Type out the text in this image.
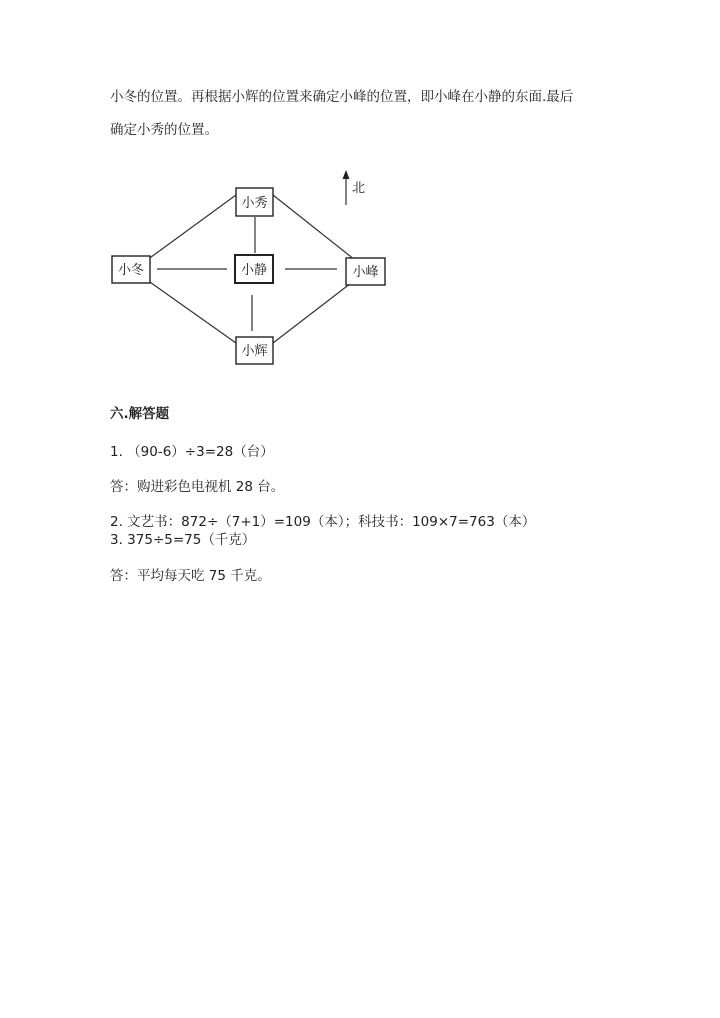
小冬的位置。再根据小辉的位置来确定小峰的位置，即小峰在小静的东面.最后
确定小秀的位置。
北
小秀
小冬	小静	小峰
小辉
六.解答题
1. （90-6）÷3=28（台）
答：购进彩色电视机 28 台。
2. 文艺书：872÷（7+1）=109（本）；科技书：109×7=763（本）
3. 375÷5=75（千克）
答：平均每天吃 75 千克。
